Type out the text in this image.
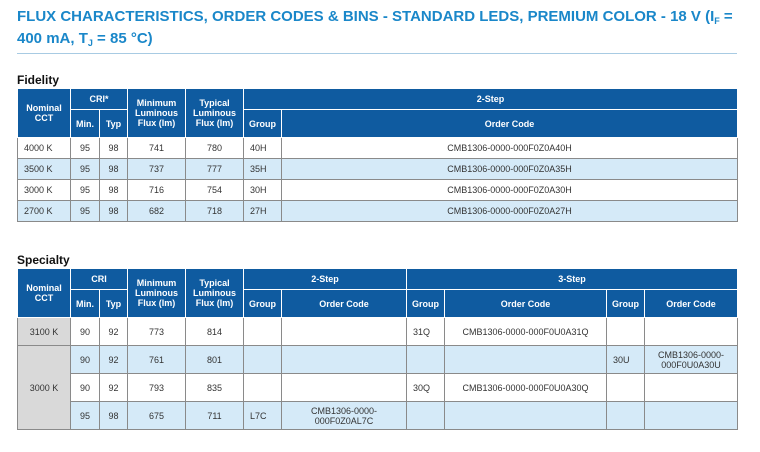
FLUX CHARACTERISTICS, ORDER CODES & BINS - STANDARD LEDS, PREMIUM COLOR - 18 V ($I_F = 400$ mA, $T_J = 85$ °C)
Fidelity
Nominal CCT	CRI*		Minimum Luminous Flux (lm)	Typical Luminous Flux (lm)	2-Step	
	Min.	Typ			Group	Order Code
4000 K	95	98	741	780	40H	CMB1306-0000-000F0Z0A40H
3500 K	95	98	737	777	35H	CMB1306-0000-000F0Z0A35H
3000 K	95	98	716	754	30H	CMB1306-0000-000F0Z0A30H
2700 K	95	98	682	718	27H	CMB1306-0000-000F0Z0A27H
Specialty
Nominal CCT	CRI		Minimum Luminous Flux (lm)	Typical Luminous Flux (lm)	2-Step		3-Step			
	Min.	Typ			Group	Order Code	Group	Order Code	Group	Order Code
3100 K	90	92	773	814			31Q	CMB1306-0000-000F0U0A31Q		
3000 K	90	92	761	801					30U	CMB1306-0000-000F0U0A30U
	90	92	793	835			30Q	CMB1306-0000-000F0U0A30Q		
	95	98	675	711	L7C	CMB1306-0000-000F0Z0AL7C				
